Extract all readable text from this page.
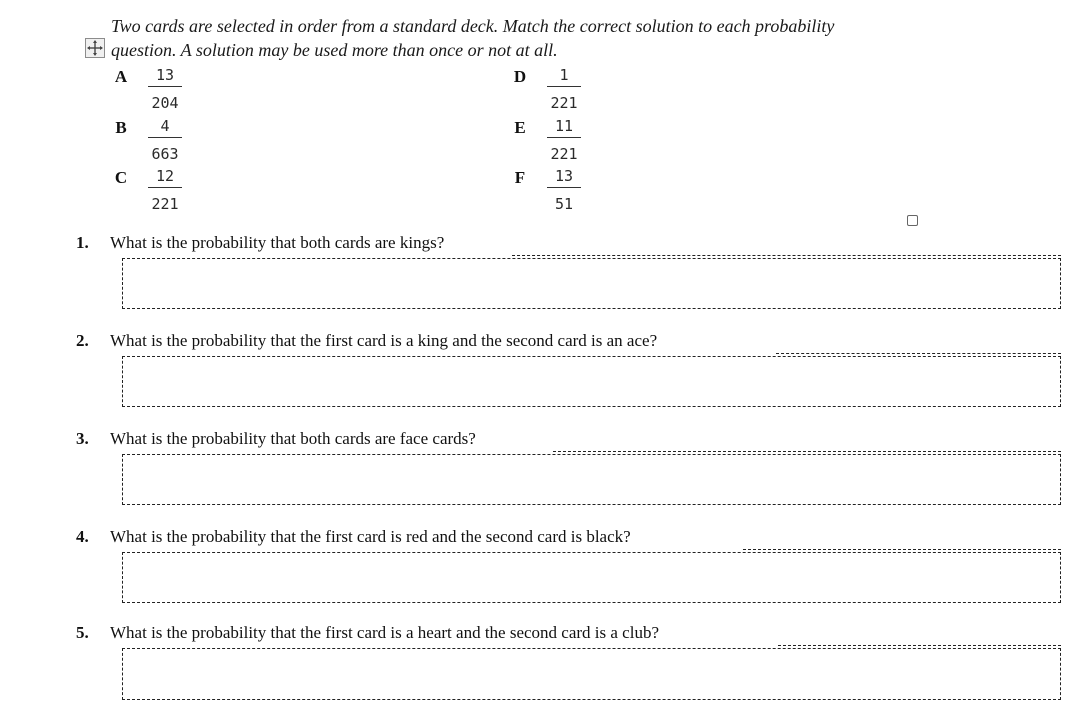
Two cards are selected in order from a standard deck. Match the correct solution to each probability
question. A solution may be used more than once or not at all.
A $\frac{13}{204}$
B $\frac{4}{663}$
C $\frac{12}{221}$
D $\frac{1}{221}$
E $\frac{11}{221}$
F $\frac{13}{51}$
1. What is the probability that both cards are kings?
2. What is the probability that the first card is a king and the second card is an ace?
3. What is the probability that both cards are face cards?
4. What is the probability that the first card is red and the second card is black?
5. What is the probability that the first card is a heart and the second card is a club?
